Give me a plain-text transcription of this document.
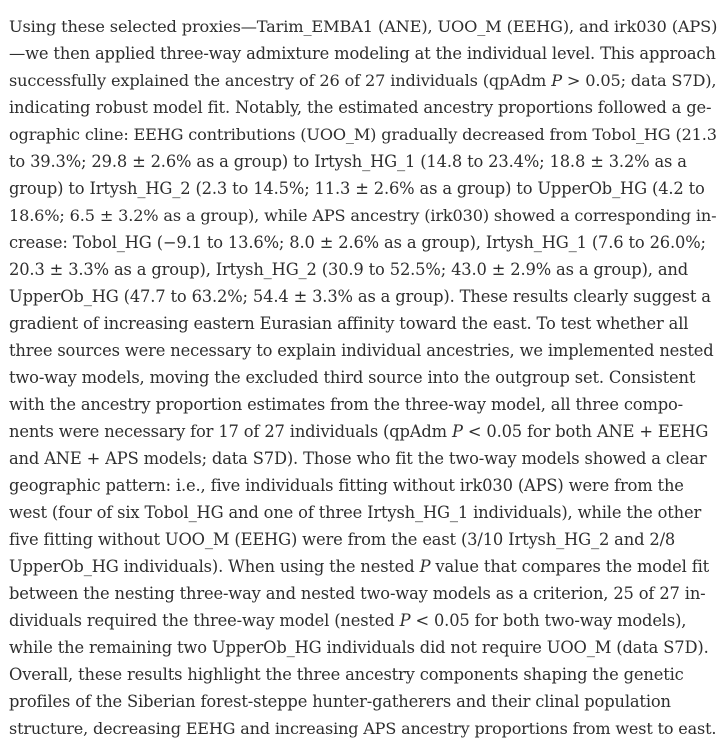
Using these selected proxies—Tarim_EMBA1 (ANE), UOO_M (EEHG), and irk030 (APS)
—we then applied three-way admixture modeling at the individual level. This approach
successfully explained the ancestry of 26 of 27 individuals (qpAdm P > 0.05; data S7D),
indicating robust model fit. Notably, the estimated ancestry proportions followed a ge-
ographic cline: EEHG contributions (UOO_M) gradually decreased from Tobol_HG (21.3
to 39.3%; 29.8 ± 2.6% as a group) to Irtysh_HG_1 (14.8 to 23.4%; 18.8 ± 3.2% as a
group) to Irtysh_HG_2 (2.3 to 14.5%; 11.3 ± 2.6% as a group) to UpperOb_HG (4.2 to
18.6%; 6.5 ± 3.2% as a group), while APS ancestry (irk030) showed a corresponding in-
crease: Tobol_HG (−9.1 to 13.6%; 8.0 ± 2.6% as a group), Irtysh_HG_1 (7.6 to 26.0%;
20.3 ± 3.3% as a group), Irtysh_HG_2 (30.9 to 52.5%; 43.0 ± 2.9% as a group), and
UpperOb_HG (47.7 to 63.2%; 54.4 ± 3.3% as a group). These results clearly suggest a
gradient of increasing eastern Eurasian affinity toward the east. To test whether all
three sources were necessary to explain individual ancestries, we implemented nested
two-way models, moving the excluded third source into the outgroup set. Consistent
with the ancestry proportion estimates from the three-way model, all three compo-
nents were necessary for 17 of 27 individuals (qpAdm P < 0.05 for both ANE + EEHG
and ANE + APS models; data S7D). Those who fit the two-way models showed a clear
geographic pattern: i.e., five individuals fitting without irk030 (APS) were from the
west (four of six Tobol_HG and one of three Irtysh_HG_1 individuals), while the other
five fitting without UOO_M (EEHG) were from the east (3/10 Irtysh_HG_2 and 2/8
UpperOb_HG individuals). When using the nested P value that compares the model fit
between the nesting three-way and nested two-way models as a criterion, 25 of 27 in-
dividuals required the three-way model (nested P < 0.05 for both two-way models),
while the remaining two UpperOb_HG individuals did not require UOO_M (data S7D).
Overall, these results highlight the three ancestry components shaping the genetic
profiles of the Siberian forest-steppe hunter-gatherers and their clinal population
structure, decreasing EEHG and increasing APS ancestry proportions from west to east.
